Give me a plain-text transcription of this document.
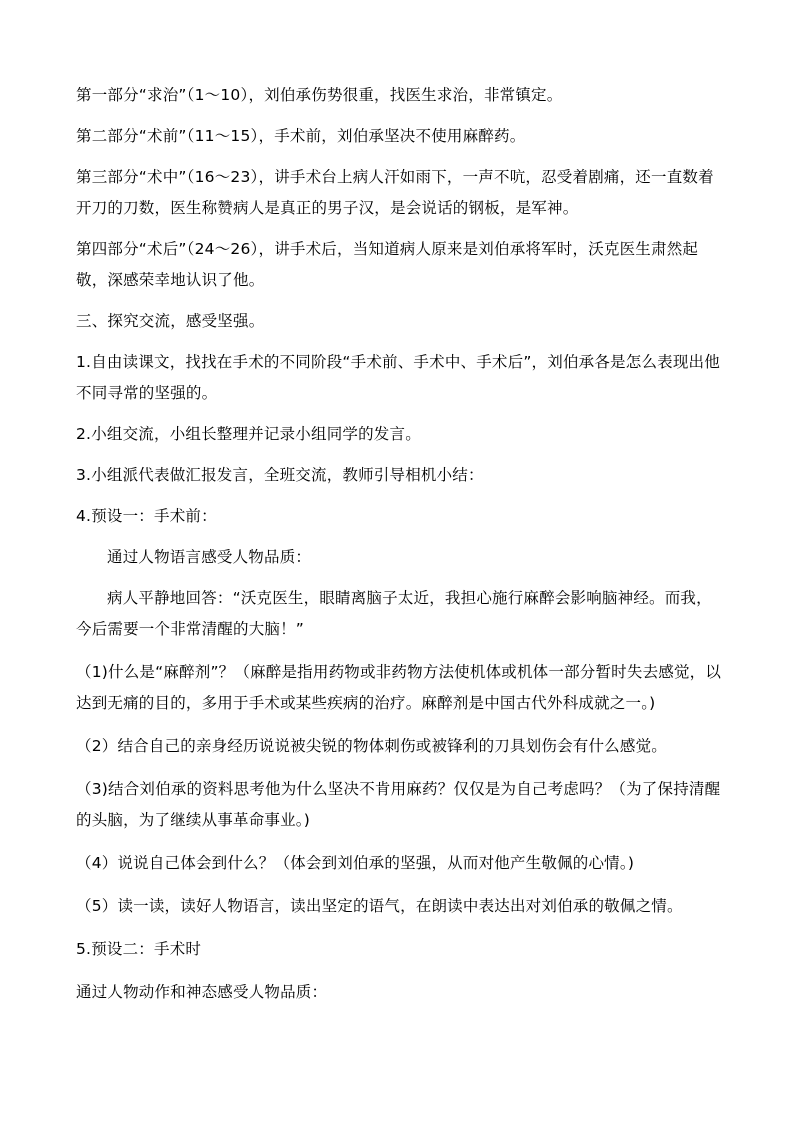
第一部分“求治”（1～10），刘伯承伤势很重，找医生求治，非常镇定。

第二部分“术前”（11～15），手术前，刘伯承坚决不使用麻醉药。

第三部分“术中”（16～23），讲手术台上病人汗如雨下，一声不吭，忍受着剧痛，还一直数着开刀的刀数，医生称赞病人是真正的男子汉，是会说话的钢板，是军神。

第四部分“术后”（24～26），讲手术后，当知道病人原来是刘伯承将军时，沃克医生肃然起敬，深感荣幸地认识了他。

三、探究交流，感受坚强。

1.自由读课文，找找在手术的不同阶段“手术前、手术中、手术后”，刘伯承各是怎么表现出他不同寻常的坚强的。

2.小组交流，小组长整理并记录小组同学的发言。

3.小组派代表做汇报发言，全班交流，教师引导相机小结：

4.预设一：手术前：

通过人物语言感受人物品质：

病人平静地回答：“沃克医生，眼睛离脑子太近，我担心施行麻醉会影响脑神经。而我，今后需要一个非常清醒的大脑！”

（1)什么是“麻醉剂”？（麻醉是指用药物或非药物方法使机体或机体一部分暂时失去感觉，以达到无痛的目的，多用于手术或某些疾病的治疗。麻醉剂是中国古代外科成就之一。)

（2）结合自己的亲身经历说说被尖锐的物体刺伤或被锋利的刀具划伤会有什么感觉。

（3)结合刘伯承的资料思考他为什么坚决不肯用麻药？仅仅是为自己考虑吗？（为了保持清醒的头脑，为了继续从事革命事业。)

（4）说说自己体会到什么？（体会到刘伯承的坚强，从而对他产生敬佩的心情。)

（5）读一读，读好人物语言，读出坚定的语气，在朗读中表达出对刘伯承的敬佩之情。

5.预设二：手术时

通过人物动作和神态感受人物品质：
